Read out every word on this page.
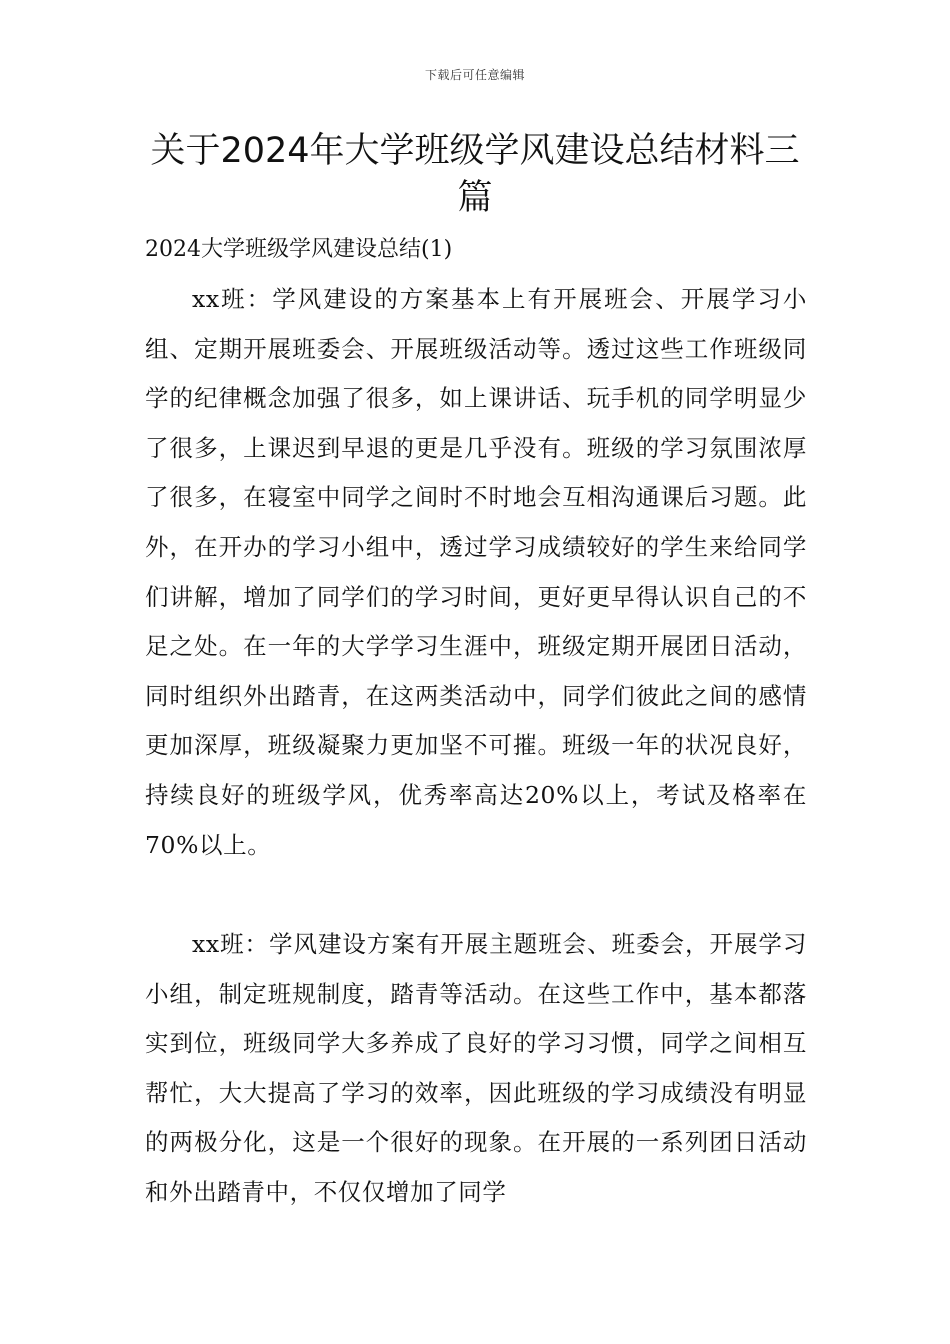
下载后可任意编辑
关于2024年大学班级学风建设总结材料三篇
2024大学班级学风建设总结(1)

xx班：学风建设的方案基本上有开展班会、开展学习小组、定期开展班委会、开展班级活动等。透过这些工作班级同学的纪律概念加强了很多，如上课讲话、玩手机的同学明显少了很多，上课迟到早退的更是几乎没有。班级的学习氛围浓厚了很多，在寝室中同学之间时不时地会互相沟通课后习题。此外，在开办的学习小组中，透过学习成绩较好的学生来给同学们讲解，增加了同学们的学习时间，更好更早得认识自己的不足之处。在一年的大学学习生涯中，班级定期开展团日活动，同时组织外出踏青，在这两类活动中，同学们彼此之间的感情更加深厚，班级凝聚力更加坚不可摧。班级一年的状况良好，持续良好的班级学风，优秀率高达20%以上，考试及格率在70%以上。

xx班：学风建设方案有开展主题班会、班委会，开展学习小组，制定班规制度，踏青等活动。在这些工作中，基本都落实到位，班级同学大多养成了良好的学习习惯，同学之间相互帮忙，大大提高了学习的效率，因此班级的学习成绩没有明显的两极分化，这是一个很好的现象。在开展的一系列团日活动和外出踏青中，不仅仅增加了同学
